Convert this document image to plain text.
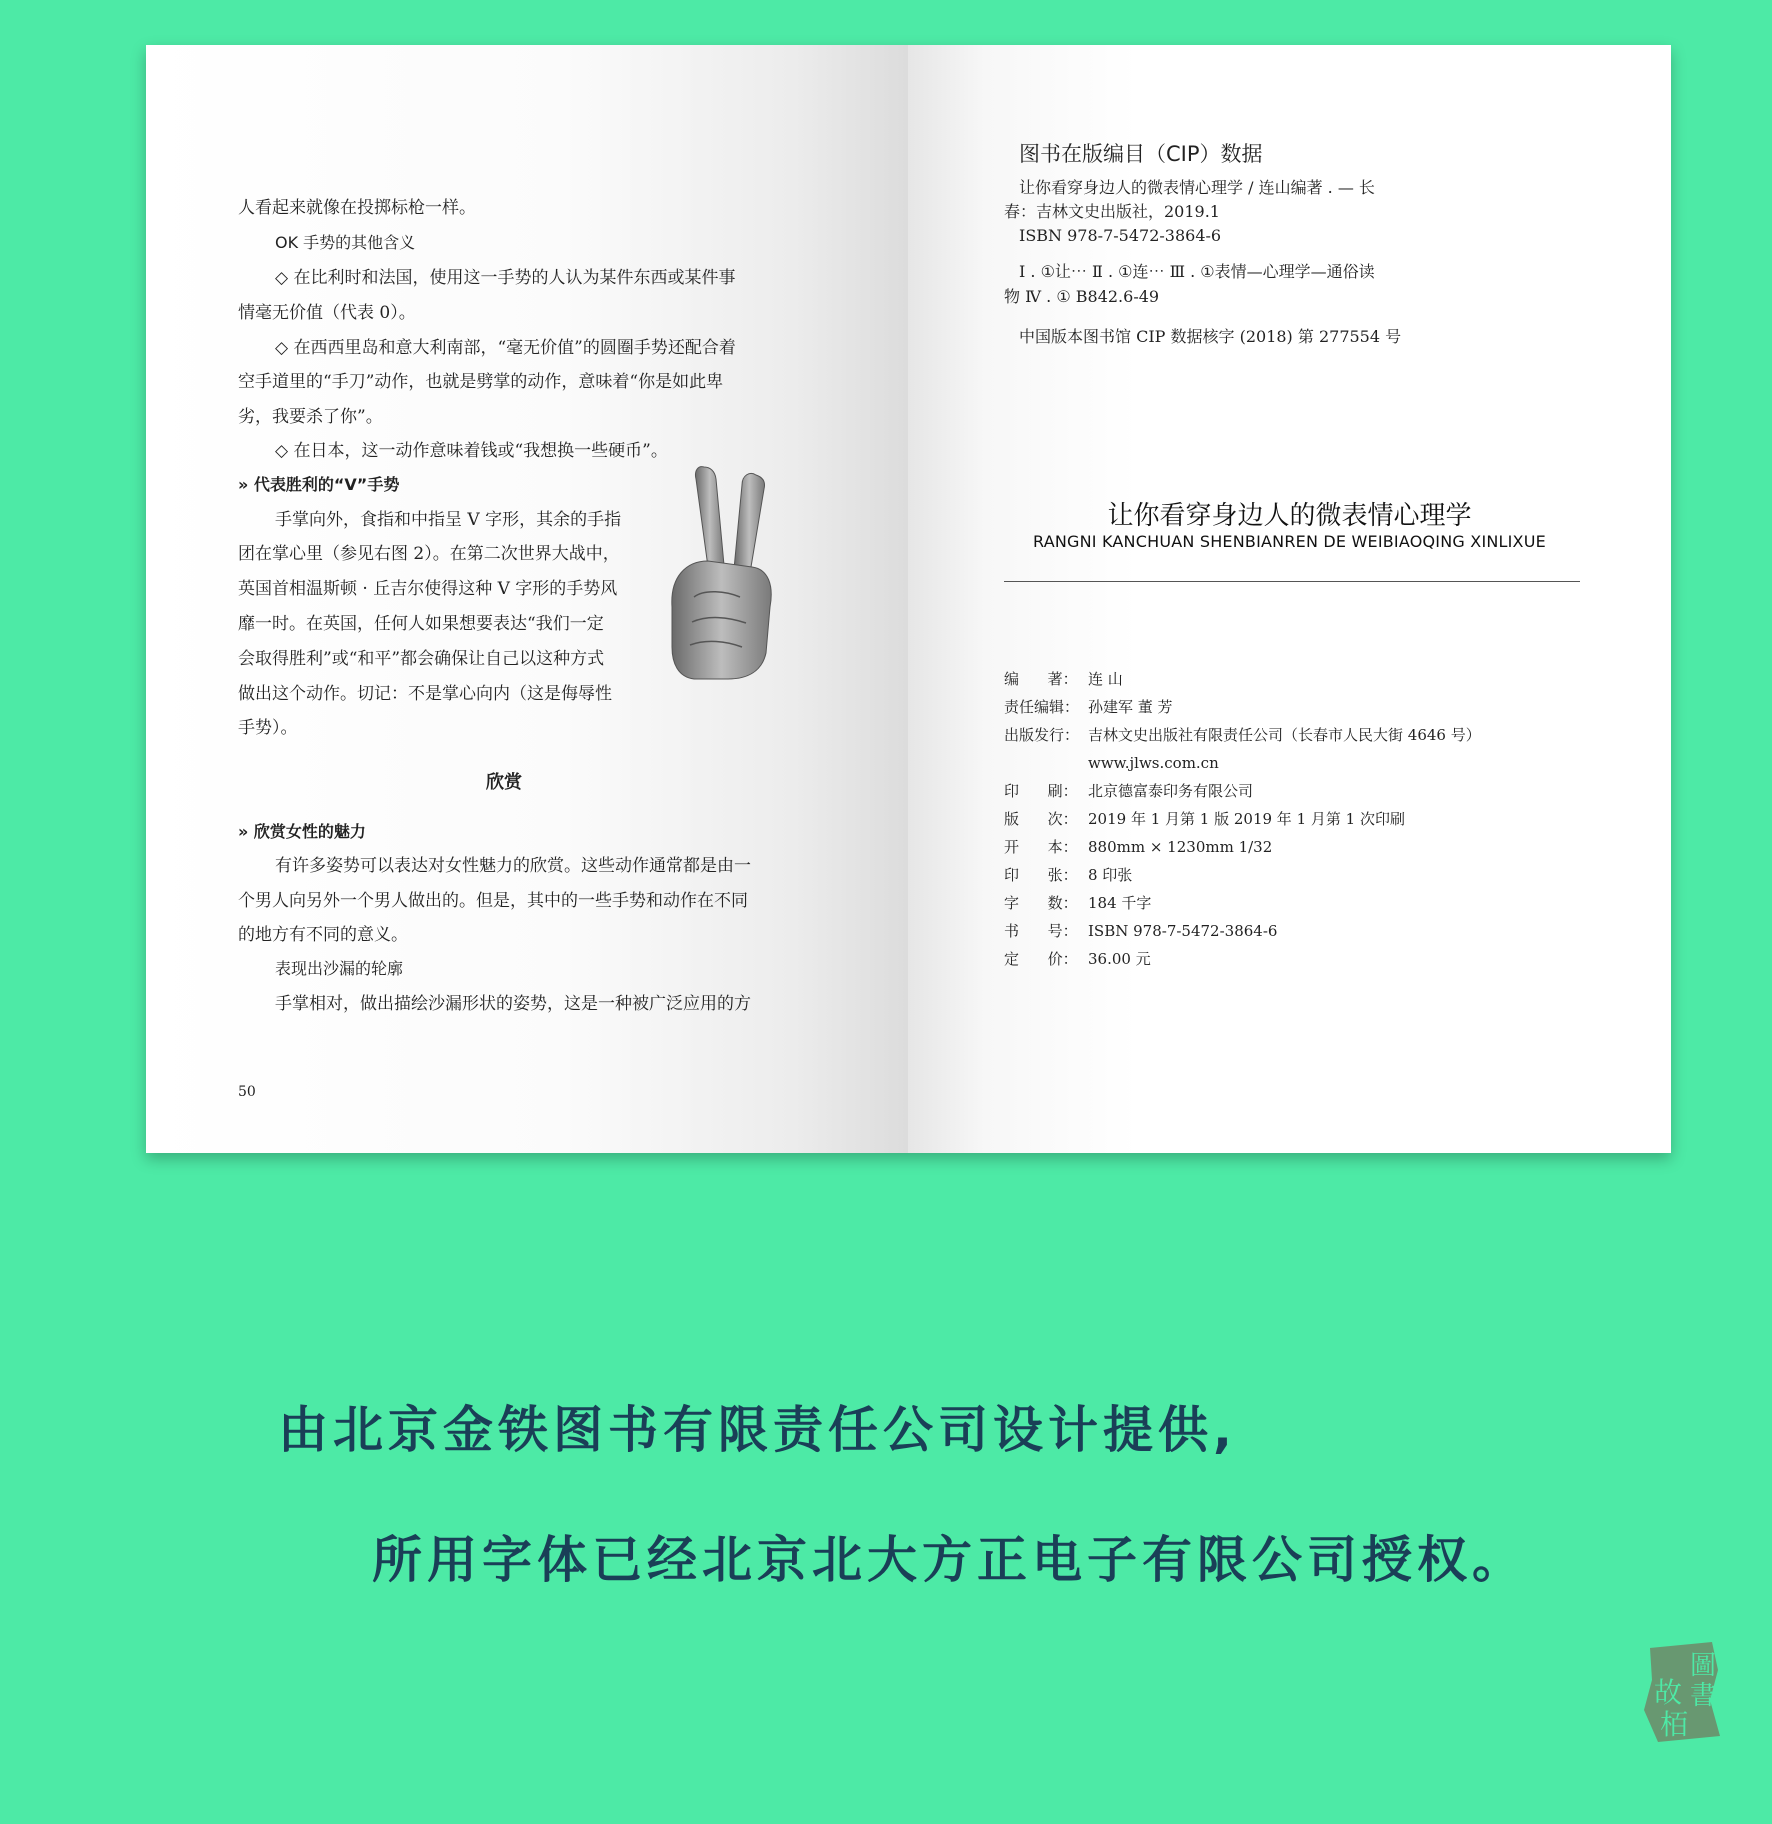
人看起来就像在投掷标枪一样。
OK 手势的其他含义
◇ 在比利时和法国，使用这一手势的人认为某件东西或某件事
情毫无价值（代表 0）。
◇ 在西西里岛和意大利南部，“毫无价值”的圆圈手势还配合着
空手道里的“手刀”动作，也就是劈掌的动作，意味着“你是如此卑
劣，我要杀了你”。
◇ 在日本，这一动作意味着钱或“我想换一些硬币”。
» 代表胜利的“V”手势
手掌向外，食指和中指呈 V 字形，其余的手指
团在掌心里（参见右图 2）。在第二次世界大战中，
英国首相温斯顿 · 丘吉尔使得这种 V 字形的手势风
靡一时。在英国，任何人如果想要表达“我们一定
会取得胜利”或“和平”都会确保让自己以这种方式
做出这个动作。切记：不是掌心向内（这是侮辱性
手势）。
欣赏
» 欣赏女性的魅力
有许多姿势可以表达对女性魅力的欣赏。这些动作通常都是由一
个男人向另外一个男人做出的。但是，其中的一些手势和动作在不同
的地方有不同的意义。
表现出沙漏的轮廓
手掌相对，做出描绘沙漏形状的姿势，这是一种被广泛应用的方
50
图书在版编目（CIP）数据
让你看穿身边人的微表情心理学 / 连山编著 . — 长
春：吉林文史出版社，2019.1
ISBN 978-7-5472-3864-6
Ⅰ . ①让⋯ Ⅱ . ①连⋯ Ⅲ . ①表情—心理学—通俗读
物 Ⅳ . ① B842.6-49
中国版本图书馆 CIP 数据核字 (2018) 第 277554 号
让你看穿身边人的微表情心理学
RANGNI KANCHUAN SHENBIANREN DE WEIBIAOQING XINLIXUE
编      著： 连 山
责任编辑： 孙建军 董 芳
出版发行： 吉林文史出版社有限责任公司（长春市人民大街 4646 号）
www.jlws.com.cn
印      刷： 北京德富泰印务有限公司
版      次： 2019 年 1 月第 1 版 2019 年 1 月第 1 次印刷
开      本： 880mm × 1230mm 1/32
印      张： 8 印张
字      数： 184 千字
书      号： ISBN 978-7-5472-3864-6
定      价： 36.00 元
由北京金铁图书有限责任公司设计提供,
所用字体已经北京北大方正电子有限公司授权。
圖
書
故
栢
